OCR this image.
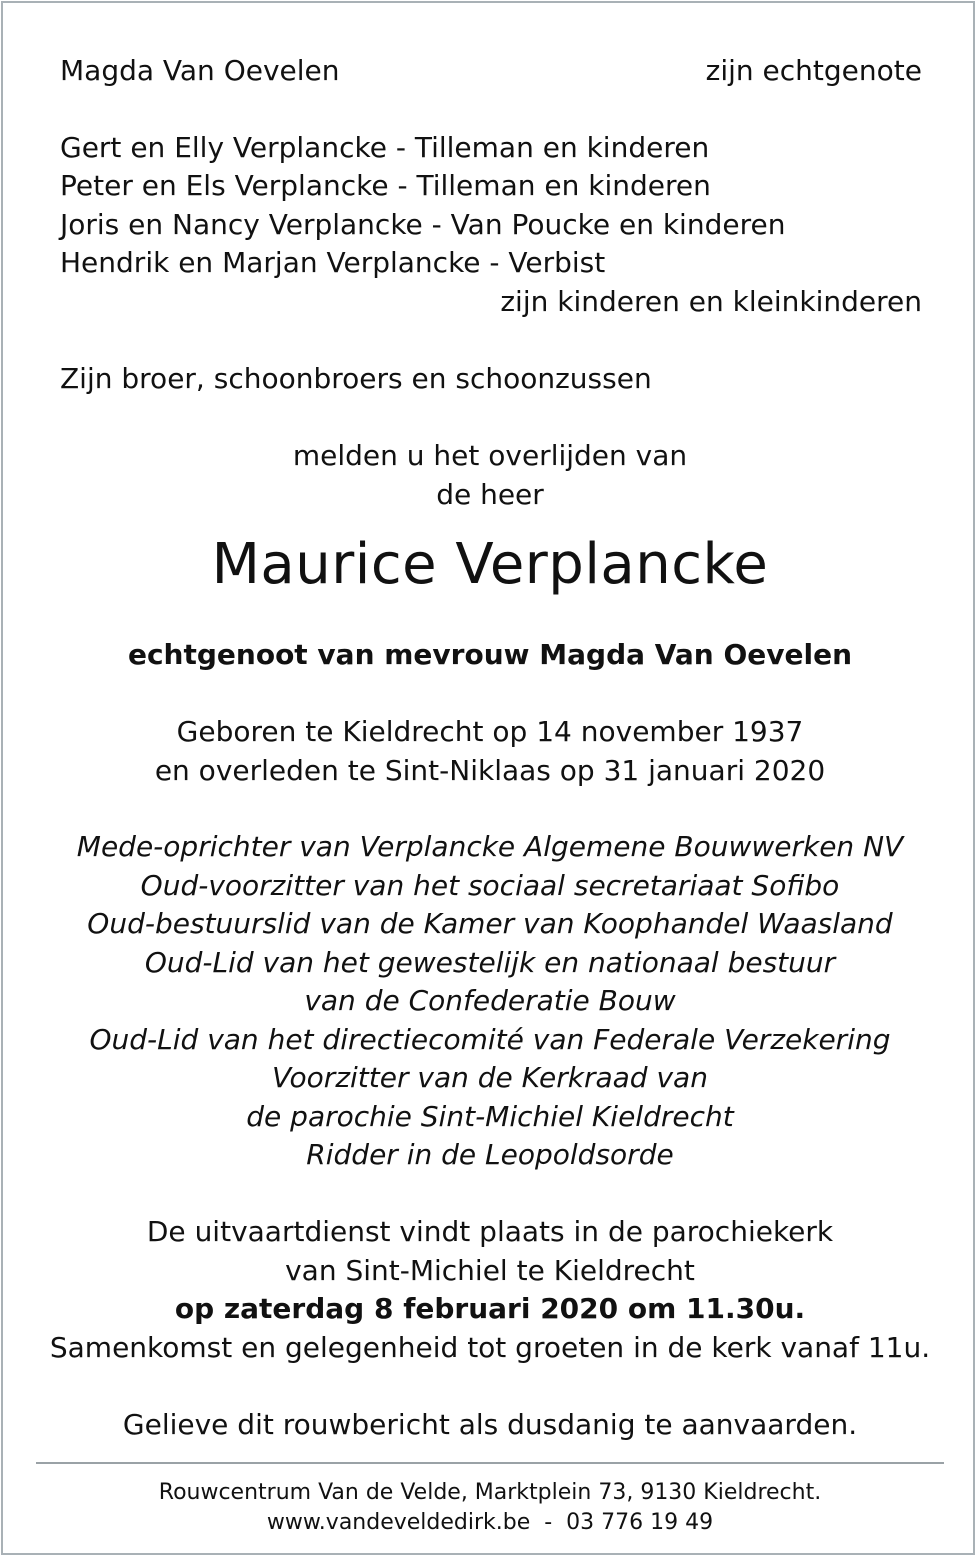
Magda Van Oevelen	zijn echtgenote
Gert en Elly Verplancke - Tilleman en kinderen
Peter en Els Verplancke - Tilleman en kinderen
Joris en Nancy Verplancke - Van Poucke en kinderen
Hendrik en Marjan Verplancke - Verbist
zijn kinderen en kleinkinderen
Zijn broer, schoonbroers en schoonzussen
melden u het overlijden van
de heer
Maurice Verplancke
echtgenoot van mevrouw Magda Van Oevelen
Geboren te Kieldrecht op 14 november 1937
en overleden te Sint-Niklaas op 31 januari 2020
Mede-oprichter van Verplancke Algemene Bouwwerken NV
Oud-voorzitter van het sociaal secretariaat Sofibo
Oud-bestuurslid van de Kamer van Koophandel Waasland
Oud-Lid van het gewestelijk en nationaal bestuur
van de Confederatie Bouw
Oud-Lid van het directiecomité van Federale Verzekering
Voorzitter van de Kerkraad van
de parochie Sint-Michiel Kieldrecht
Ridder in de Leopoldsorde
De uitvaartdienst vindt plaats in de parochiekerk
van Sint-Michiel te Kieldrecht
op zaterdag 8 februari 2020 om 11.30u.
Samenkomst en gelegenheid tot groeten in de kerk vanaf 11u.
Gelieve dit rouwbericht als dusdanig te aanvaarden.
Rouwcentrum Van de Velde, Marktplein 73, 9130 Kieldrecht.
www.vandeveldedirk.be  -  03 776 19 49
